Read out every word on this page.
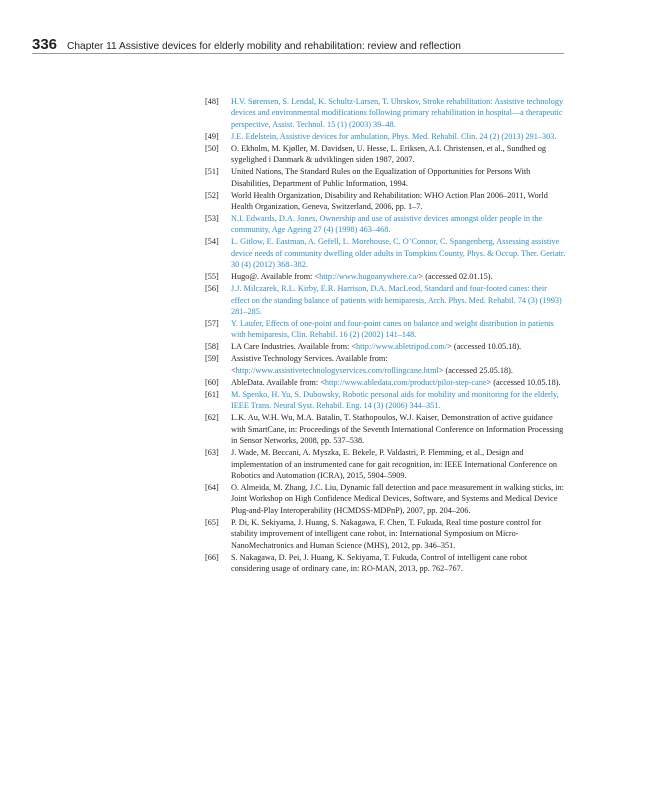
336 Chapter 11 Assistive devices for elderly mobility and rehabilitation: review and reflection
[48]	H.V. Sørensen, S. Lendal, K. Schultz-Larsen, T. Uhrskov, Stroke rehabilitation: Assistive technology devices and environmental modifications following primary rehabilitation in hospital—a therapeutic perspective, Assist. Technol. 15 (1) (2003) 39–48.
[49]	J.E. Edelstein, Assistive devices for ambulation, Phys. Med. Rehabil. Clin. 24 (2) (2013) 291–303.
[50]	O. Ekholm, M. Kjøller, M. Davidsen, U. Hesse, L. Eriksen, A.I. Christensen, et al., Sundhed og sygelighed i Danmark & udviklingen siden 1987, 2007.
[51]	United Nations, The Standard Rules on the Equalization of Opportunities for Persons With Disabilities, Department of Public Information, 1994.
[52]	World Health Organization, Disability and Rehabilitation: WHO Action Plan 2006–2011, World Health Organization, Geneva, Switzerland, 2006, pp. 1–7.
[53]	N.I. Edwards, D.A. Jones, Ownership and use of assistive devices amongst older people in the community, Age Ageing 27 (4) (1998) 463–468.
[54]	L. Gitlow, E. Eastman, A. Gefell, L. Morehouse, C. O’Connor, C. Spangenberg, Assessing assistive device needs of community dwelling older adults in Tompkins County, Phys. & Occup. Ther. Geriatr. 30 (4) (2012) 368–382.
[55]	Hugo@. Available from: <http://www.hugoanywhere.ca/> (accessed 02.01.15).
[56]	J.J. Milczarek, R.L. Kirby, E.R. Harrison, D.A. MacLeod, Standard and four-footed canes: their effect on the standing balance of patients with hemiparesis, Arch. Phys. Med. Rehabil. 74 (3) (1993) 281–285.
[57]	Y. Laufer, Effects of one-point and four-point canes on balance and weight distribution in patients with hemiparesis, Clin. Rehabil. 16 (2) (2002) 141–148.
[58]	LA Care Industries. Available from: <http://www.abletripod.com/> (accessed 10.05.18).
[59]	Assistive Technology Services. Available from: <http://www.assistivetechnologyservices.com/rollingcane.html> (accessed 25.05.18).
[60]	AbleData. Available from: <http://www.abledata.com/product/pilot-step-cane> (accessed 10.05.18).
[61]	M. Spenko, H. Yu, S. Dubowsky, Robotic personal aids for mobility and monitoring for the elderly, IEEE Trans. Neural Syst. Rehabil. Eng. 14 (3) (2006) 344–351.
[62]	L.K. Au, W.H. Wu, M.A. Batalin, T. Stathopoulos, W.J. Kaiser, Demonstration of active guidance with SmartCane, in: Proceedings of the Seventh International Conference on Information Processing in Sensor Networks, 2008, pp. 537–538.
[63]	J. Wade, M. Beccani, A. Myszka, E. Bekele, P. Valdastri, P. Flemming, et al., Design and implementation of an instrumented cane for gait recognition, in: IEEE International Conference on Robotics and Automation (ICRA), 2015, 5904–5909.
[64]	O. Almeida, M. Zhang, J.C. Liu, Dynamic fall detection and pace measurement in walking sticks, in: Joint Workshop on High Confidence Medical Devices, Software, and Systems and Medical Device Plug-and-Play Interoperability (HCMDSS-MDPnP), 2007, pp. 204–206.
[65]	P. Di, K. Sekiyama, J. Huang, S. Nakagawa, F. Chen, T. Fukuda, Real time posture control for stability improvement of intelligent cane robot, in: International Symposium on Micro-NanoMechatronics and Human Science (MHS), 2012, pp. 346–351.
[66]	S. Nakagawa, D. Pei, J. Huang, K. Sekiyama, T. Fukuda, Control of intelligent cane robot considering usage of ordinary cane, in: RO-MAN, 2013, pp. 762–767.
